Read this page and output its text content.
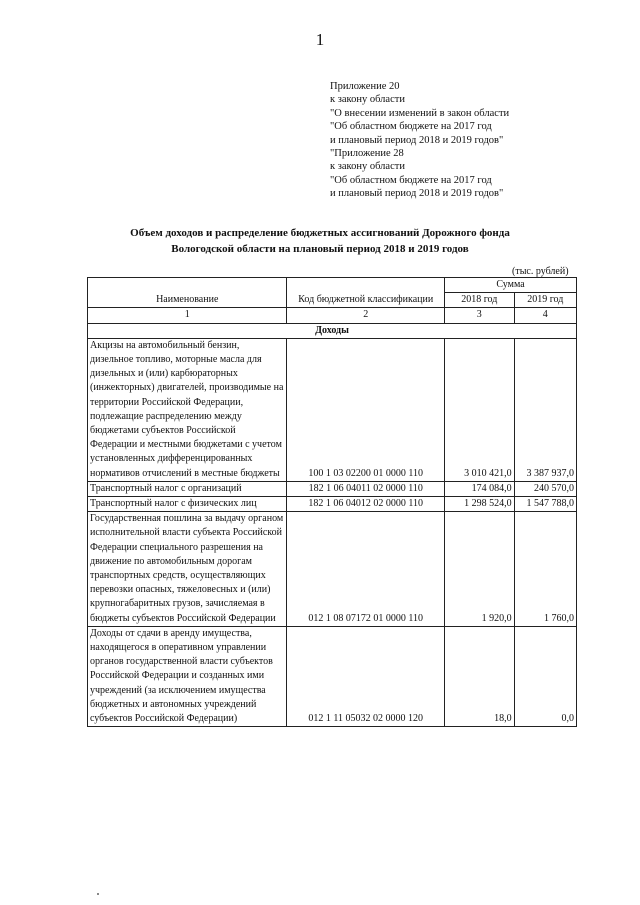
1
Приложение 20
к закону области
"О внесении изменений в закон области
"Об областном бюджете на 2017 год
и плановый период 2018 и 2019 годов"
"Приложение 28
к закону области
"Об областном бюджете на 2017 год
и плановый период 2018 и 2019 годов"
Объем доходов и распределение бюджетных ассигнований Дорожного фонда
Вологодской области на плановый период 2018 и 2019 годов
(тыс. рублей)
Наименование	Код бюджетной классификации	Сумма	
		2018 год	2019 год
1	2	3	4
Доходы			
Акцизы на автомобильный бензин, дизельное топливо, моторные масла для дизельных и (или) карбюраторных (инжекторных) двигателей, производимые на территории Российской Федерации, подлежащие распределению между бюджетами субъектов Российской Федерации и местными бюджетами с учетом установленных дифференцированных нормативов отчислений в местные бюджеты	100 1 03 02200 01 0000 110	3 010 421,0	3 387 937,0
Транспортный налог с организаций	182 1 06 04011 02 0000 110	174 084,0	240 570,0
Транспортный налог с физических лиц	182 1 06 04012 02 0000 110	1 298 524,0	1 547 788,0
Государственная пошлина за выдачу органом исполнительной власти субъекта Российской Федерации специального разрешения на движение по автомобильным дорогам транспортных средств, осуществляющих перевозки опасных, тяжеловесных и (или) крупногабаритных грузов, зачисляемая в бюджеты субъектов Российской Федерации	012 1 08 07172 01 0000 110	1 920,0	1 760,0
Доходы от сдачи в аренду имущества, находящегося в оперативном управлении органов государственной власти субъектов Российской Федерации и созданных ими учреждений (за исключением имущества бюджетных и автономных учреждений субъектов Российской Федерации)	012 1 11 05032 02 0000 120	18,0	0,0
